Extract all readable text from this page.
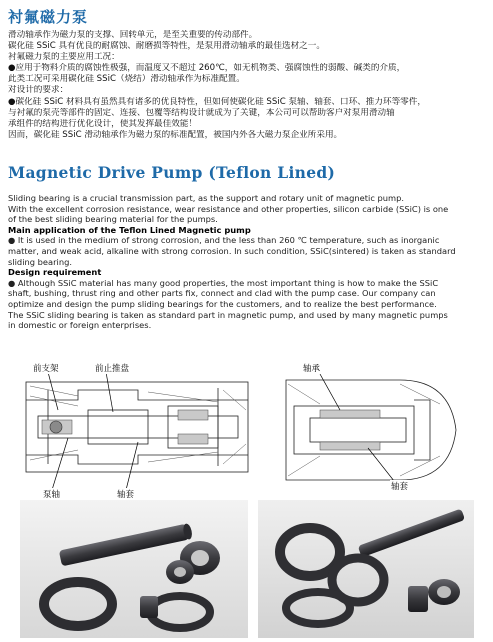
衬氟磁力泵

滑动轴承作为磁力泵的支撑、回转单元，是至关重要的传动部件。

碳化硅 SSiC 具有优良的耐腐蚀、耐磨损等特性，是泵用滑动轴承的最佳选材之一。

衬氟磁力泵的主要应用工况：

●应用于物料介质的腐蚀性极强，而温度又不超过 260℃，如无机物类、强腐蚀性的弱酸、碱类的介质，

此类工况可采用碳化硅 SSiC（烧结）滑动轴承作为标准配置。

对设计的要求：

●碳化硅 SSiC 材料具有虽然具有诸多的优良特性，但如何使碳化硅 SSiC 泵轴、轴套、口环、推力环等零件，

与衬氟的泵壳等部件的固定、连接、包覆等结构设计就成为了关键，本公司可以帮助客户对泵用滑动轴

承组件的结构进行优化设计，使其发挥最佳效能！

因而，碳化硅 SSiC 滑动轴承作为磁力泵的标准配置，被国内外各大磁力泵企业所采用。

Magnetic Drive Pump (Teflon Lined)

Sliding bearing is a crucial transmission part, as the support and rotary unit of magnetic pump.

With the excellent corrosion resistance, wear resistance and other properties, silicon carbide (SSiC) is one

of the best sliding bearing material for the pumps.

Main application of the Teflon Lined Magnetic pump

● It is used in the medium of strong corrosion, and the less than 260 ℃ temperature, such as inorganic

matter, and weak acid, alkaline with strong corrosion. In such condition, SSiC(sintered) is taken as standard

sliding bearing.

Design requirement

● Although SSiC material has many good properties, the most important thing is how to make the SSiC

shaft, bushing, thrust ring and other parts fix, connect and clad with the pump case. Our company can

optimize and design the pump sliding bearings for the customers, and to realize the best performance.

The SSiC sliding bearing is taken as standard part in magnetic pump, and used by many magnetic pumps

in domestic or foreign enterprises.

前支架	前止推盘
泵轴	轴套
轴承
轴套
